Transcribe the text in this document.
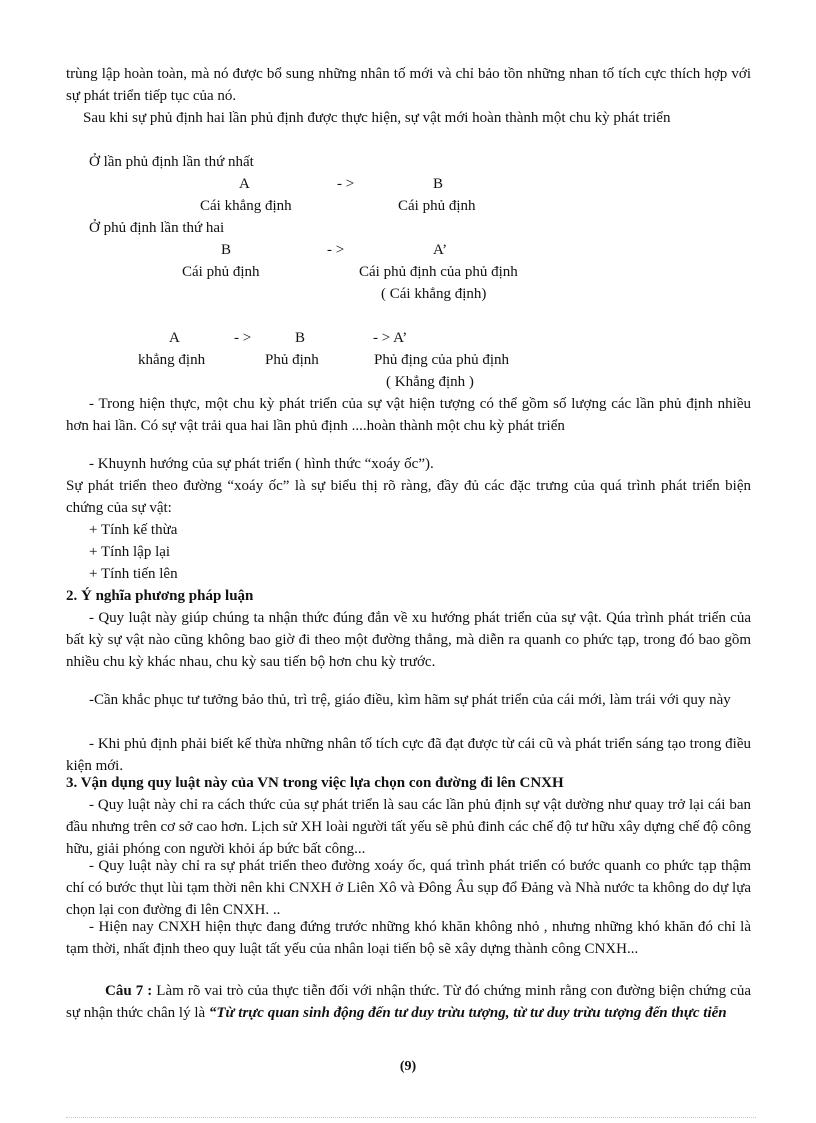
trùng lập hoàn toàn, mà nó được bổ sung những nhân tố mới và chỉ bảo tồn những nhan tố tích cực thích hợp với sự phát triển tiếp tục của nó.
Sau khi sự phủ định hai lần phủ định được thực hiện, sự vật mới hoàn thành một chu kỳ phát triển
Ở lần phủ định lần thứ nhất
A	- >	B
Cái khẳng định	Cái phủ định
Ở phủ định lần thứ hai
B	- >	A’
Cái phủ định	Cái phủ định của phủ định
( Cái khẳng định)
A	- >	B	- > A’
khẳng định	Phủ định	Phủ địng của phủ định
( Khẳng định )
- Trong hiện thực, một chu kỳ phát triển của sự vật hiện tượng có thể gồm số lượng các lần phủ định nhiều hơn hai lần. Có sự vật trải qua hai lần phủ định ....hoàn thành một chu kỳ phát triển
- Khuynh hướng của sự phát triển ( hình thức “xoáy ốc”).
Sự phát triển theo đường “xoáy ốc” là sự biểu thị rõ ràng, đầy đủ các đặc trưng của quá trình phát triển biện chứng của sự vật:
+ Tính kế thừa
+ Tính lập lại
+ Tính tiến lên
2. Ý nghĩa phương pháp luận
- Quy luật này giúp chúng ta nhận thức đúng đắn về xu hướng phát triển của sự vật. Qúa trình phát triển của bất kỳ sự vật nào cũng không bao giờ đi theo một đường thẳng, mà diễn ra quanh co phức tạp, trong đó bao gồm nhiều chu kỳ khác nhau, chu kỳ sau tiến bộ hơn chu kỳ trước.
-Cần khắc phục tư tưởng bảo thủ, trì trệ, giáo điều, kìm hãm sự phát triển của cái mới, làm trái với quy này
- Khi phủ định phải biết kế thừa những nhân tố tích cực đã đạt được từ cái cũ và phát triển sáng tạo trong điều kiện mới.
3. Vận dụng quy luật này của VN trong việc lựa chọn con đường đi lên CNXH
- Quy luật này chỉ ra cách thức của sự phát triển là sau các lần phủ định sự vật dường như quay trở lại cái ban đầu nhưng trên cơ sở cao hơn. Lịch sử XH loài người tất yếu sẽ phủ đinh các chế độ tư hữu xây dựng chế độ công hữu, giải phóng con người khỏi áp bức bất công...
- Quy luật này chỉ ra sự phát triển theo đường xoáy ốc, quá trình phát triển có bước quanh co phức tạp thậm chí có bước thụt lùi tạm thời nên khi CNXH ở Liên Xô và Đông Âu sụp đổ Đảng và Nhà nước ta không do dự lựa chọn lại con đường đi lên CNXH. ..
- Hiện nay CNXH hiện thực đang đứng trước những khó khăn không nhỏ , nhưng những khó khăn đó chỉ là tạm thời, nhất định theo quy luật tất yếu của nhân loại tiến bộ sẽ xây dựng thành công CNXH...
Câu 7 : Làm rõ vai trò của thực tiễn đối với nhận thức. Từ đó chứng minh rằng con đường biện chứng của sự nhận thức chân lý là “Từ trực quan sinh động đến tư duy trừu tượng, từ tư duy trừu tượng đến thực tiễn
(9)
